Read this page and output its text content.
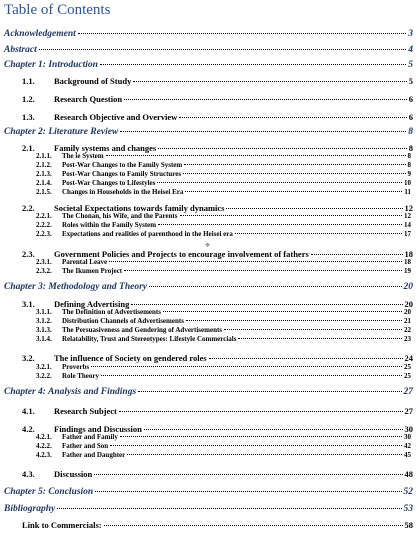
Table of Contents
Acknowledgement	3
Abstract	4
Chapter 1: Introduction	5
1.1.	Background of Study	5
1.2.	Research Question	6
1.3.	Research Objective and Overview	6
Chapter 2: Literature Review	8
2.1.	Family systems and changes	8
2.1.1.	The ie System	8
2.1.2.	Post-War Changes to the Family System	8
2.1.3.	Post-War Changes to Family Structures	9
2.1.4.	Post-War Changes to Lifestyles	10
2.1.5.	Changes in Households in the Heisei Era	11
2.2.	Societal Expectations towards family dynamics	12
2.2.1.	The Chonan, his Wife, and the Parents	12
2.2.2.	Roles within the Family System	14
2.2.3.	Expectations and realities of parenthood in the Heisei era	17
2.3.	Government Policies and Projects to encourage involvement of fathers	18
2.3.1.	Parental Leave	18
2.3.2.	The Ikumen Project	19
Chapter 3: Methodology and Theory	20
3.1.	Defining Advertising	20
3.1.1.	The Definition of Advertisements	20
3.1.2.	Distribution Channels of Advertisements	21
3.1.3.	The Persuasiveness and Gendering of Advertisements	22
3.1.4.	Relatability, Trust and Stereotypes: Lifestyle Commercials	23
3.2.	The influence of Society on gendered roles	24
3.2.1.	Proverbs	25
3.2.2.	Role Theory	25
Chapter 4: Analysis and Findings	27
4.1.	Research Subject	27
4.2.	Findings and Discussion	30
4.2.1.	Father and Family	30
4.2.2.	Father and Son	42
4.2.3.	Father and Daughter	45
4.3.	Discussion	48
Chapter 5: Conclusion	52
Bibliography	53
Link to Commercials:	58
⌖
